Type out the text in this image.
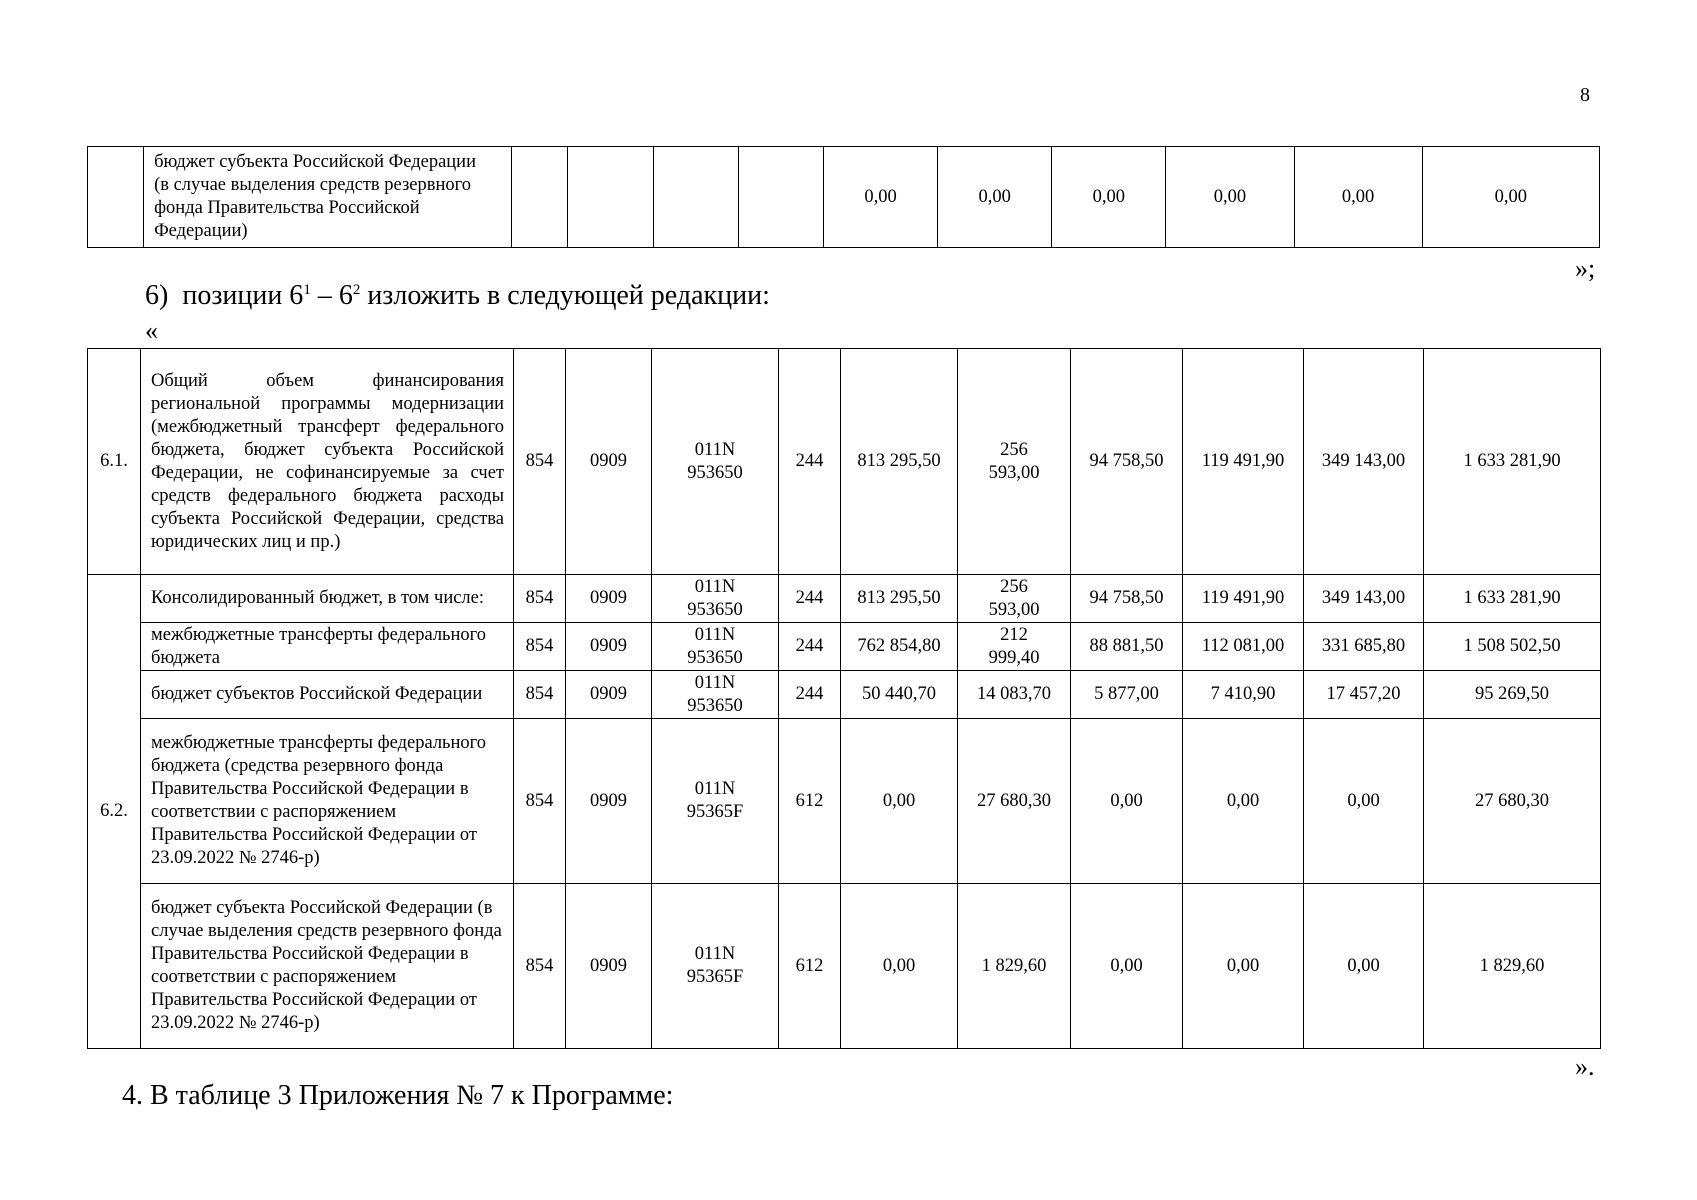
8
	бюджет субъекта Российской Федерации (в случае выделения средств резервного фонда Правительства Российской Федерации)					0,00	0,00	0,00	0,00	0,00	0,00
»;
6) позиции $6^1 - 6^2$ изложить в следующей редакции:
«
6.1.	Общий объем финансирования региональной программы модернизации (межбюджетный трансферт федерального бюджета, бюджет субъекта Российской Федерации, не софинансируемые за счет средств федерального бюджета расходы субъекта Российской Федерации, средства юридических лиц и пр.)	854	0909	011N
953650	244	813 295,50	256
593,00	94 758,50	119 491,90	349 143,00	1 633 281,90
6.2.	Консолидированный бюджет, в том числе:	854	0909	011N
953650	244	813 295,50	256
593,00	94 758,50	119 491,90	349 143,00	1 633 281,90
	межбюджетные трансферты федерального бюджета	854	0909	011N
953650	244	762 854,80	212
999,40	88 881,50	112 081,00	331 685,80	1 508 502,50
	бюджет субъектов Российской Федерации	854	0909	011N
953650	244	50 440,70	14 083,70	5 877,00	7 410,90	17 457,20	95 269,50
	межбюджетные трансферты федерального бюджета (средства резервного фонда Правительства Российской Федерации в соответствии с распоряжением Правительства Российской Федерации от 23.09.2022 № 2746-р)	854	0909	011N
95365F	612	0,00	27 680,30	0,00	0,00	0,00	27 680,30
	бюджет субъекта Российской Федерации (в случае выделения средств резервного фонда Правительства Российской Федерации в соответствии с распоряжением Правительства Российской Федерации от 23.09.2022 № 2746-р)	854	0909	011N
95365F	612	0,00	1 829,60	0,00	0,00	0,00	1 829,60
».
4. В таблице 3 Приложения № 7 к Программе:
